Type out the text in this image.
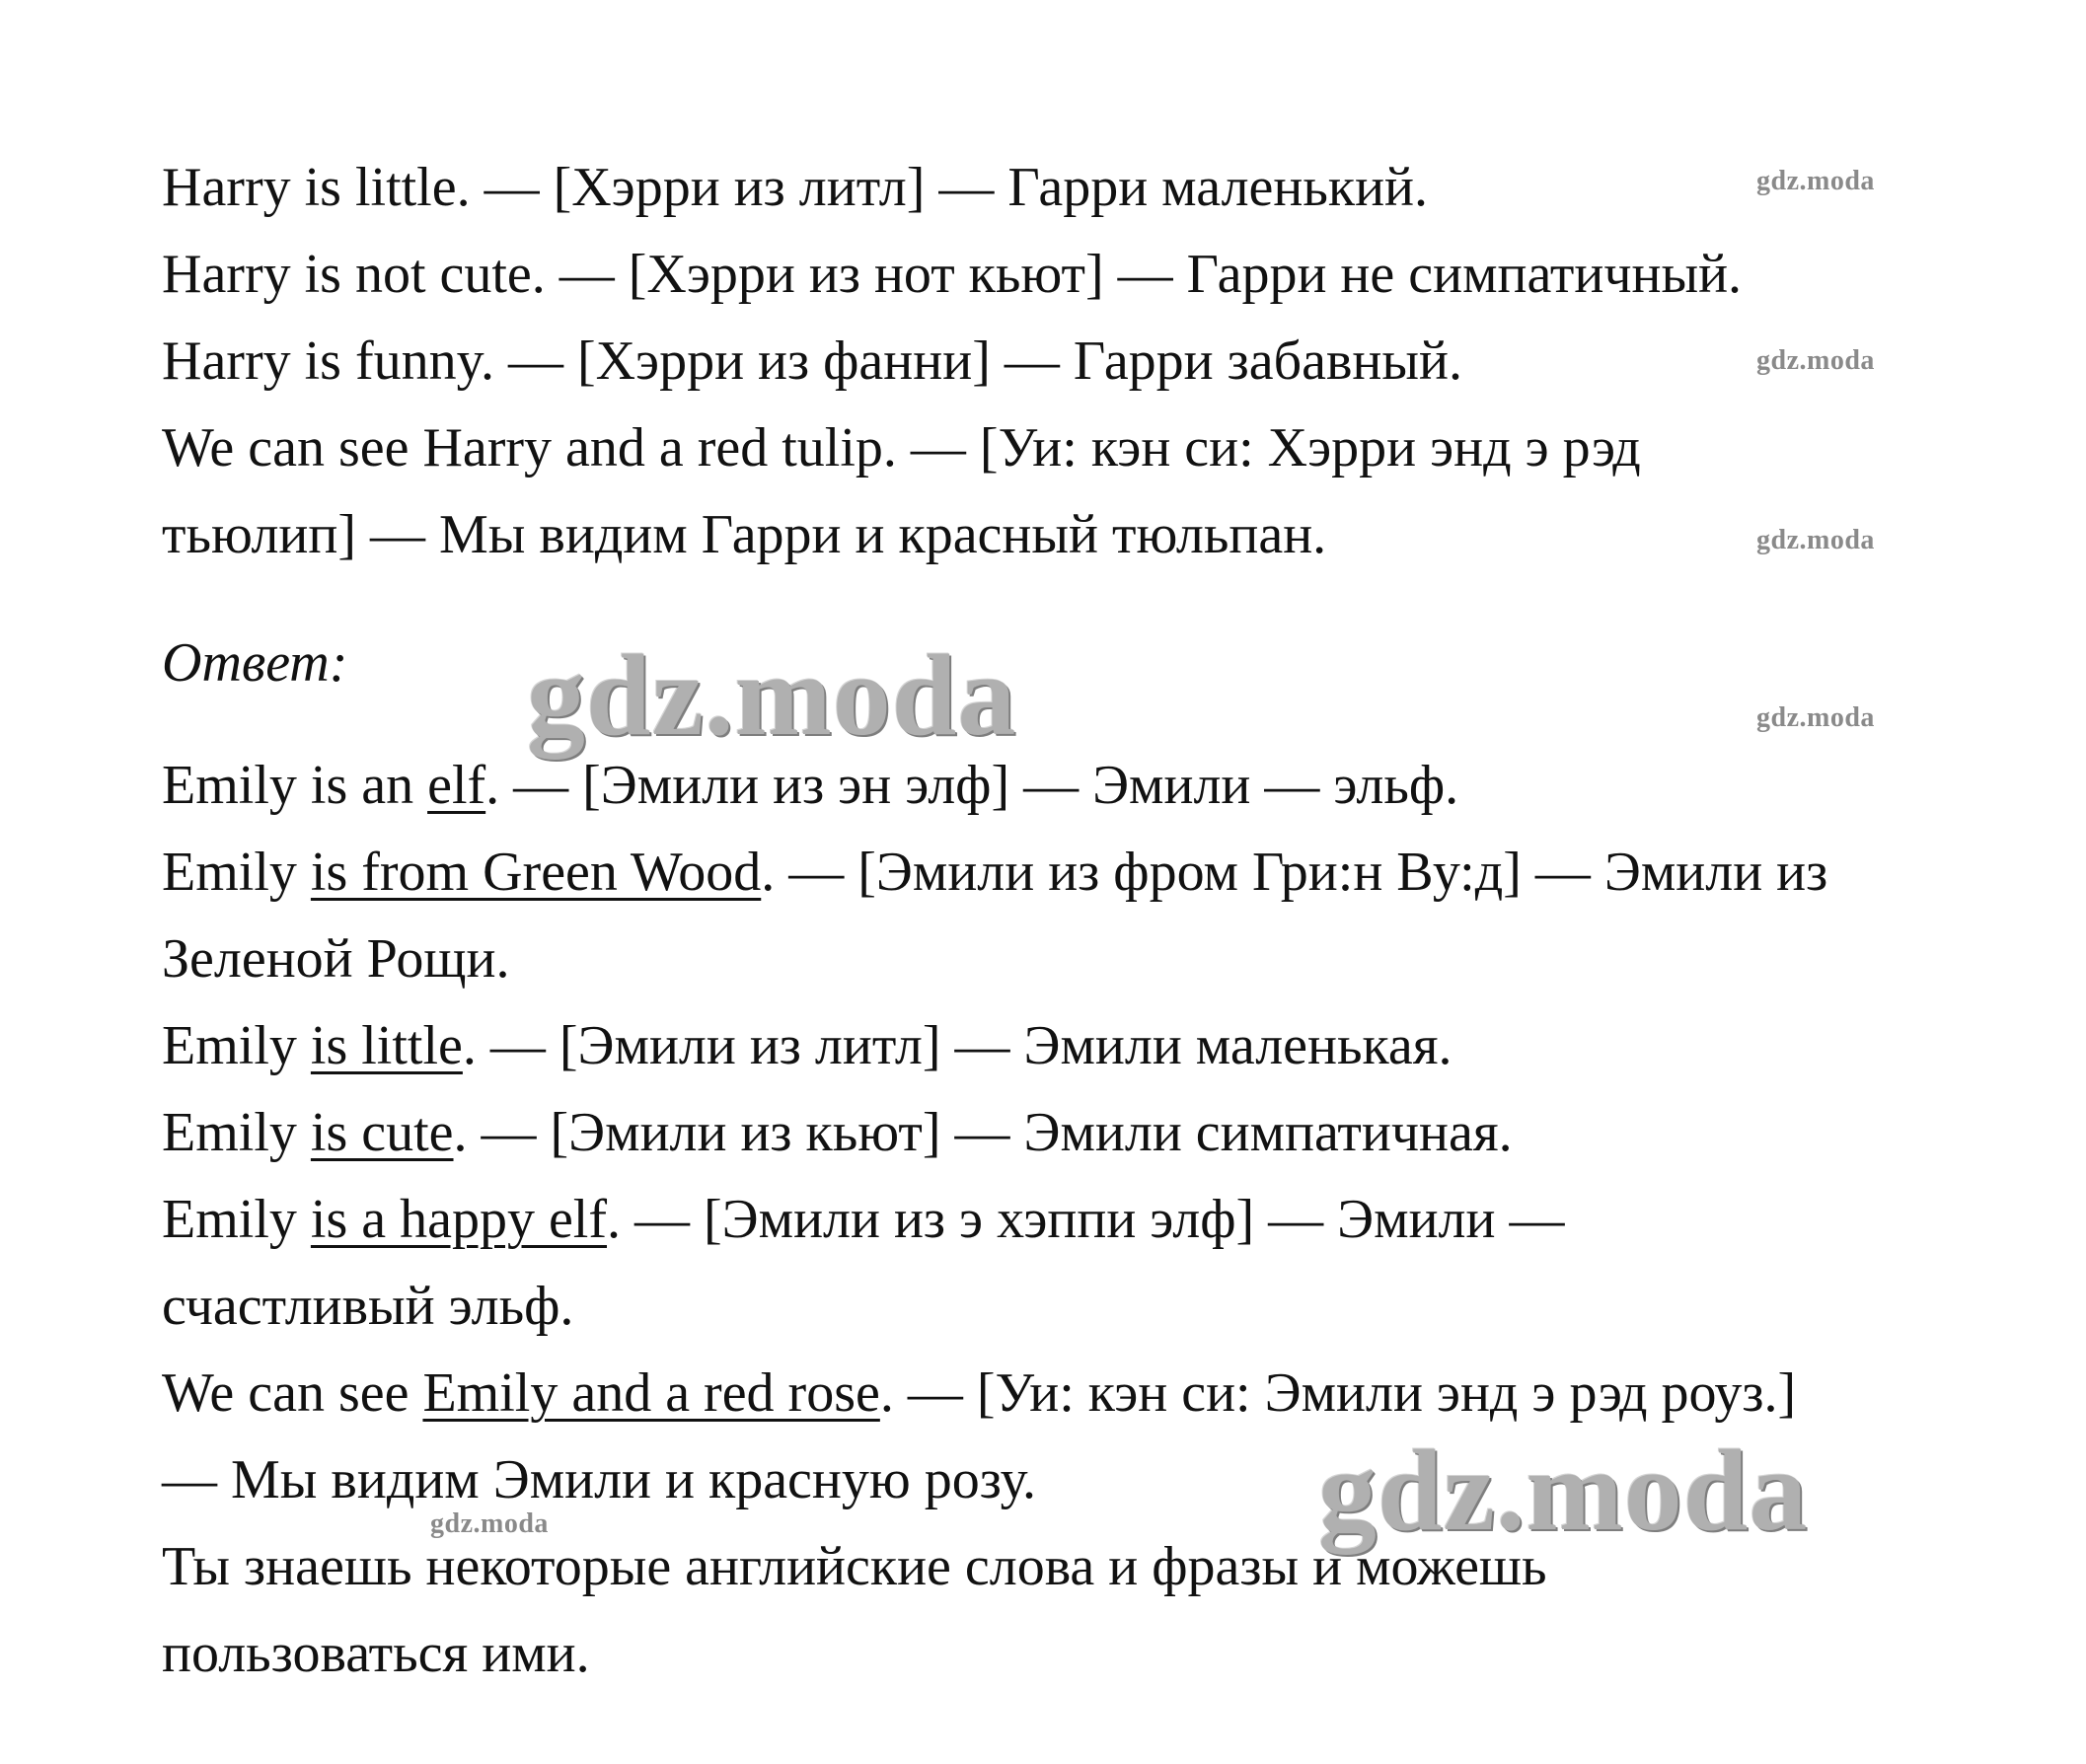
Harry is little. — [Хэрри из литл] — Гарри маленький.

Harry is not cute. — [Хэрри из нот кьют] — Гарри не симпатичный.

Harry is funny. — [Хэрри из фанни] — Гарри забавный.

We can see Harry and a red tulip. — [Уи: кэн си: Хэрри энд э рэд

тьюлип] — Мы видим Гарри и красный тюльпан.

Ответ:

Emily is an elf. — [Эмили из эн элф] — Эмили — эльф.

Emily is from Green Wood. — [Эмили из фром Гри:н Ву:д] — Эмили из

Зеленой Рощи.

Emily is little. — [Эмили из литл] — Эмили маленькая.

Emily is cute. — [Эмили из кьют] — Эмили симпатичная.

Emily is a happy elf. — [Эмили из э хэппи элф] — Эмили —

счастливый эльф.

We can see Emily and a red rose. — [Уи: кэн си: Эмили энд э рэд роуз.]

— Мы видим Эмили и красную розу.

Ты знаешь некоторые английские слова и фразы и можешь

пользоваться ими.

gdz.moda
gdz.moda
gdz.moda
gdz.moda
gdz.moda
gdz.moda
gdz.moda
